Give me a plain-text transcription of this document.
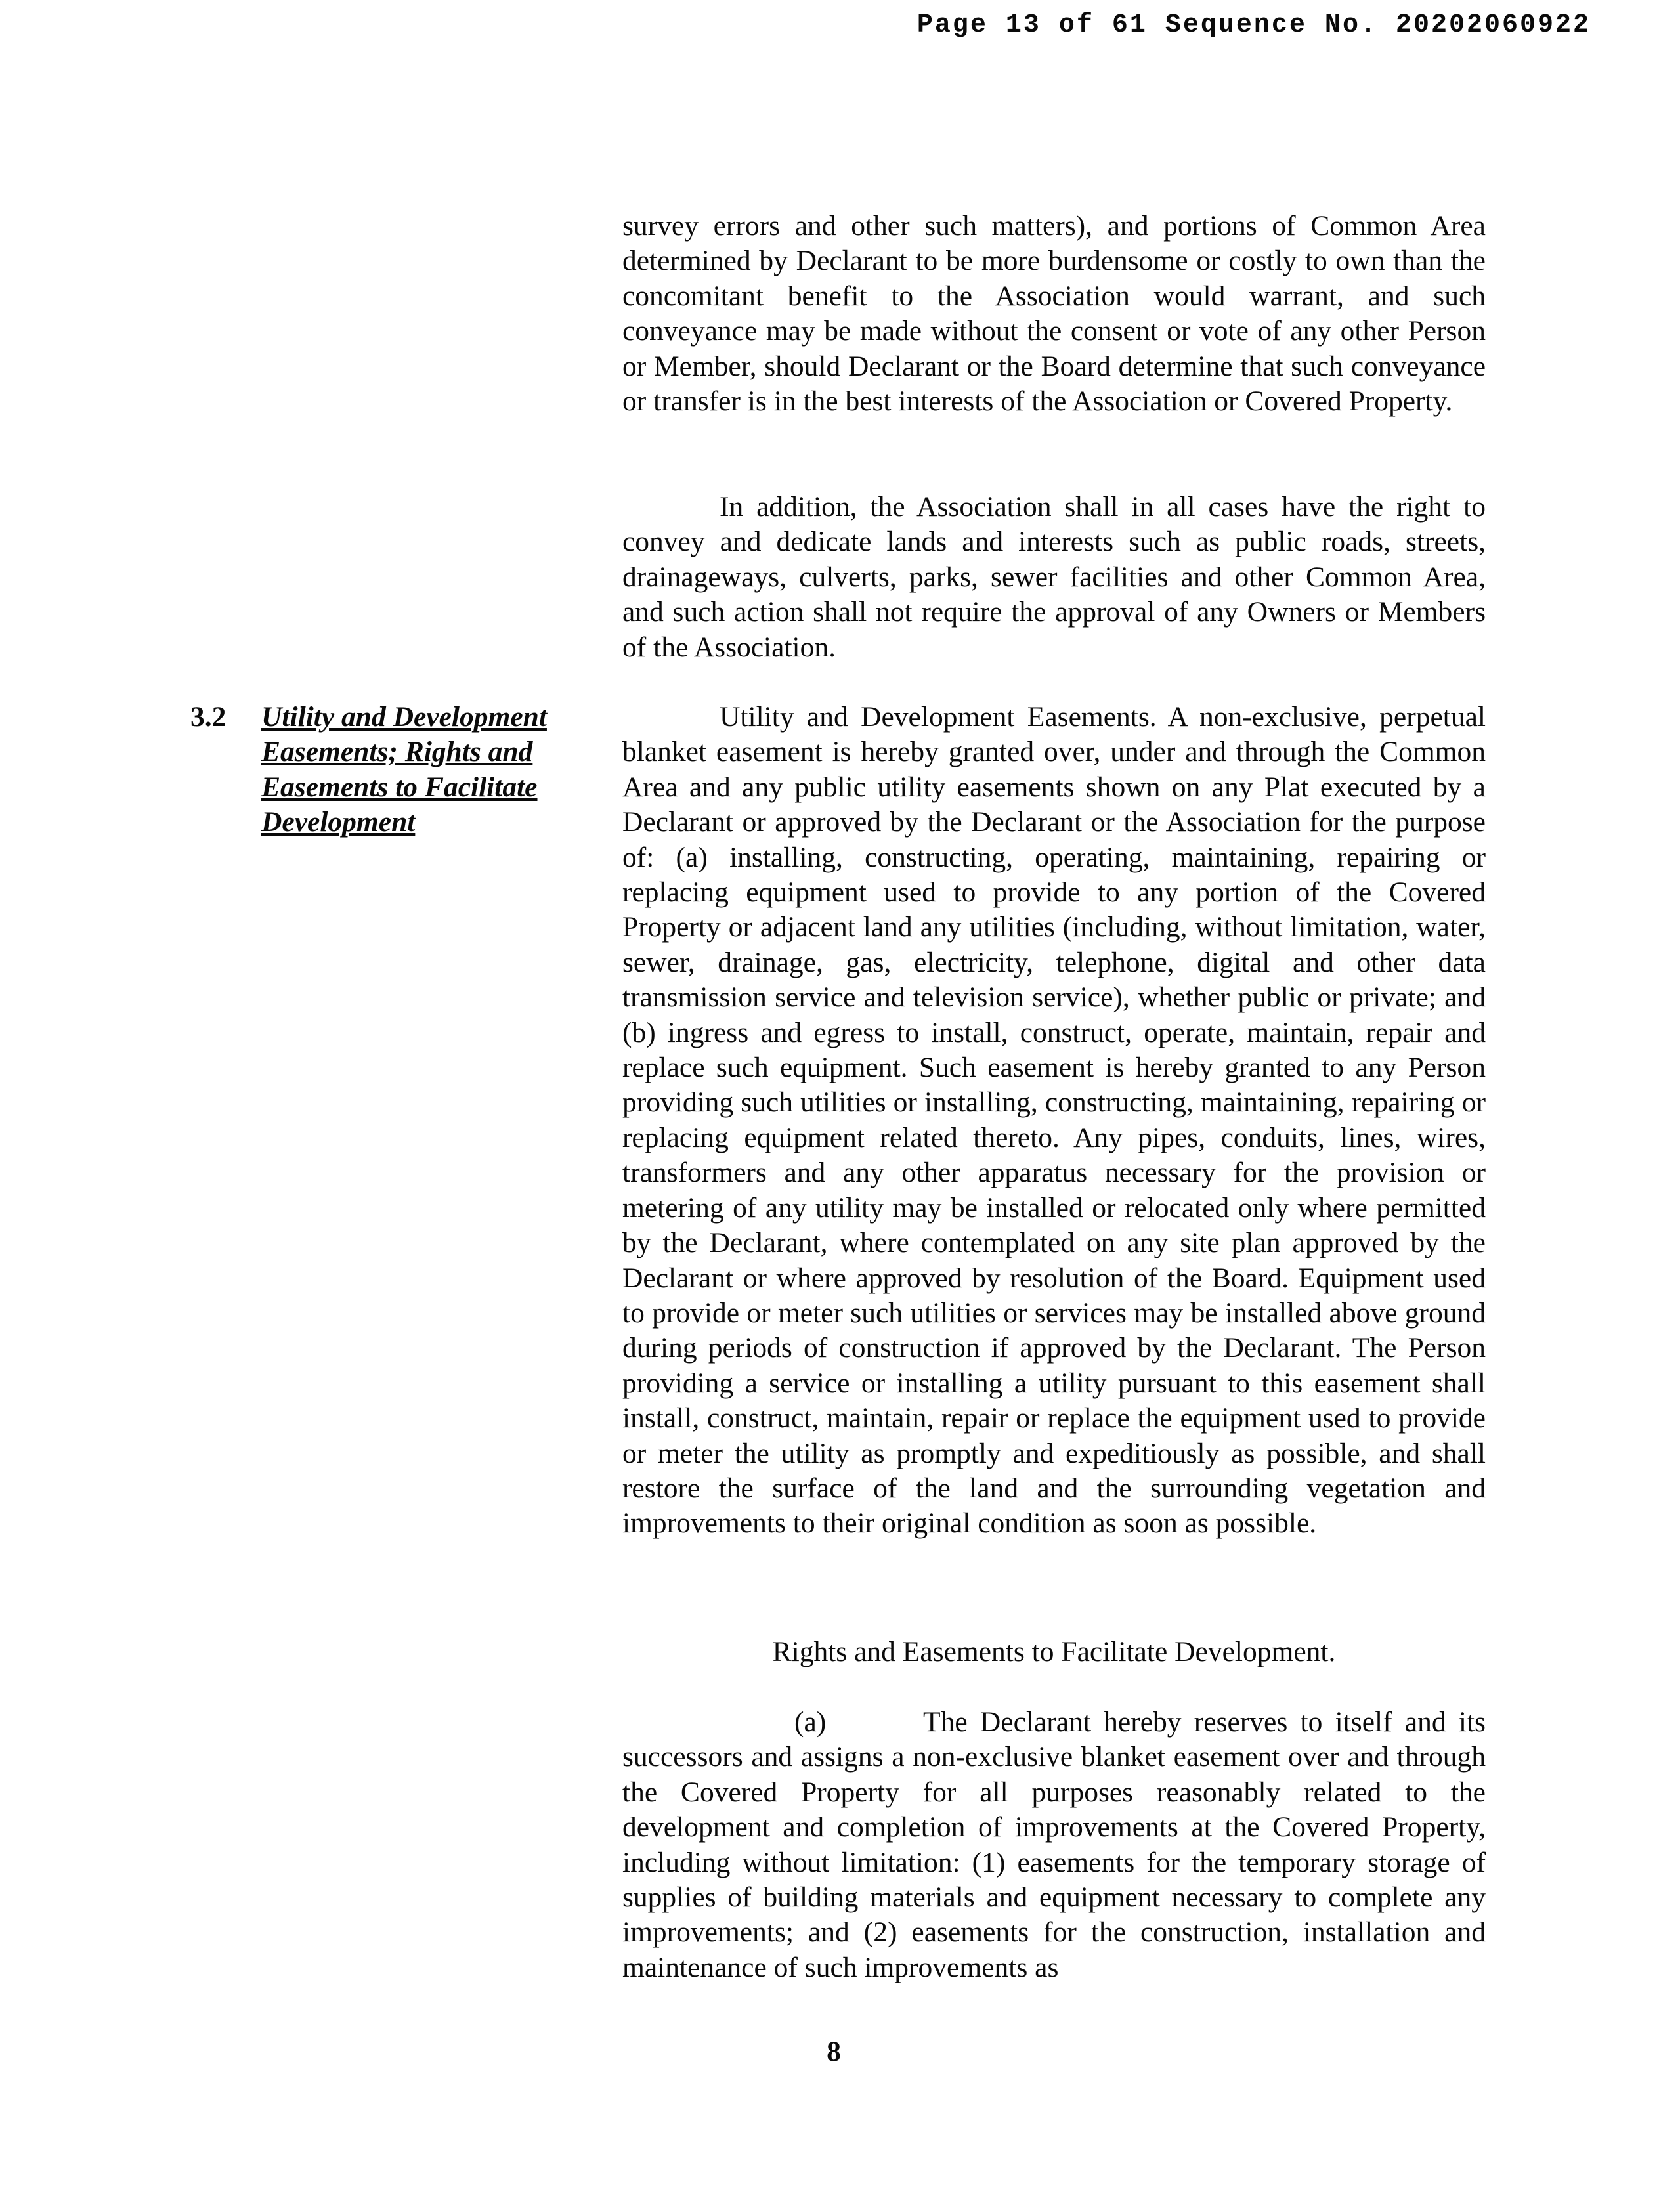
Page 13 of 61 Sequence No. 20202060922

survey errors and other such matters), and portions of Common Area determined by Declarant to be more burdensome or costly to own than the concomitant benefit to the Association would warrant, and such conveyance may be made without the consent or vote of any other Person or Member, should Declarant or the Board determine that such conveyance or transfer is in the best interests of the Association or Covered Property.

In addition, the Association shall in all cases have the right to convey and dedicate lands and interests such as public roads, streets, drainageways, culverts, parks, sewer facilities and other Common Area, and such action shall not require the approval of any Owners or Members of the Association.

3.2 Utility and Development
Easements; Rights and
Easements to Facilitate
Development

Utility and Development Easements. A non-exclusive, perpetual blanket easement is hereby granted over, under and through the Common Area and any public utility easements shown on any Plat executed by a Declarant or approved by the Declarant or the Association for the purpose of: (a) installing, constructing, operating, maintaining, repairing or replacing equipment used to provide to any portion of the Covered Property or adjacent land any utilities (including, without limitation, water, sewer, drainage, gas, electricity, telephone, digital and other data transmission service and television service), whether public or private; and (b) ingress and egress to install, construct, operate, maintain, repair and replace such equipment. Such easement is hereby granted to any Person providing such utilities or installing, constructing, maintaining, repairing or replacing equipment related thereto. Any pipes, conduits, lines, wires, transformers and any other apparatus necessary for the provision or metering of any utility may be installed or relocated only where permitted by the Declarant, where contemplated on any site plan approved by the Declarant or where approved by resolution of the Board. Equipment used to provide or meter such utilities or services may be installed above ground during periods of construction if approved by the Declarant. The Person providing a service or installing a utility pursuant to this easement shall install, construct, maintain, repair or replace the equipment used to provide or meter the utility as promptly and expeditiously as possible, and shall restore the surface of the land and the surrounding vegetation and improvements to their original condition as soon as possible.

Rights and Easements to Facilitate Development.

(a)	The Declarant hereby reserves to itself and its successors and assigns a non-exclusive blanket easement over and through the Covered Property for all purposes reasonably related to the development and completion of improvements at the Covered Property, including without limitation: (1) easements for the temporary storage of supplies of building materials and equipment necessary to complete any improvements; and (2) easements for the construction, installation and maintenance of such improvements as

8
